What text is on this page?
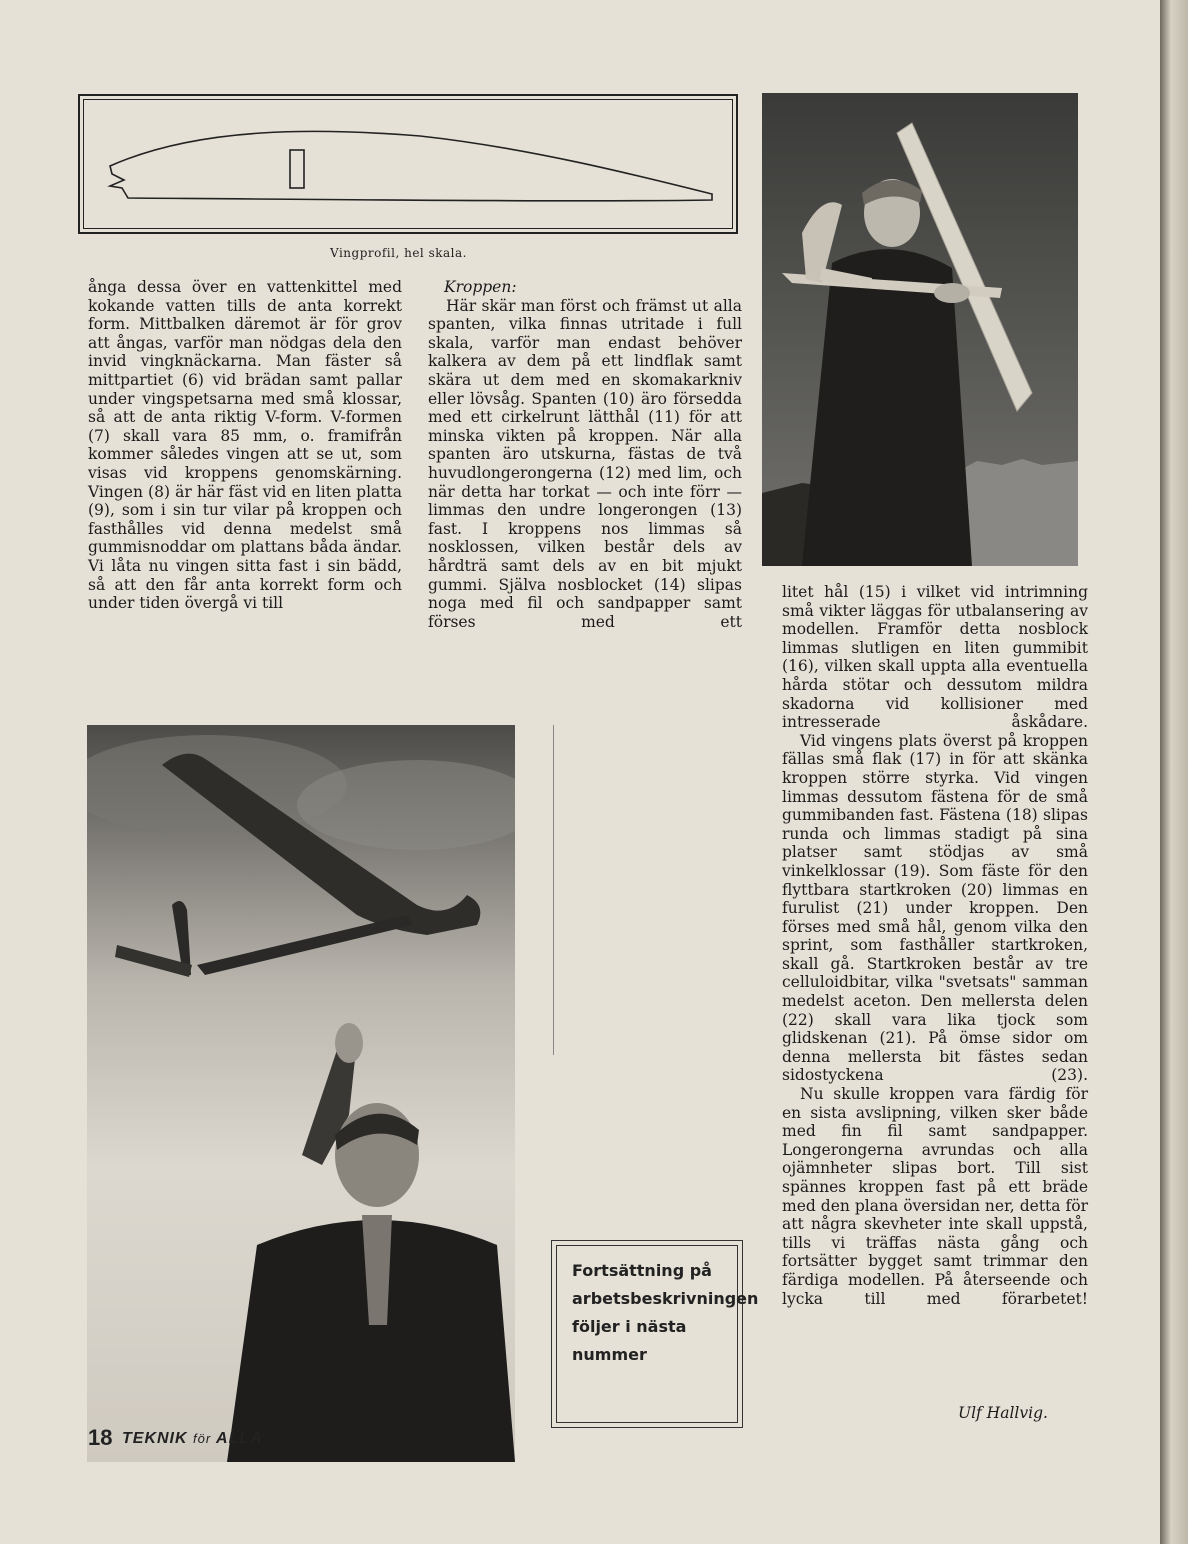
Vingprofil, hel skala.

ånga dessa över en vattenkittel med kokande vatten tills de anta korrekt form. Mittbalken däremot är för grov att ångas, varför man nödgas dela den invid vingknäckarna. Man fäster så mittpartiet (6) vid brädan samt pallar under vingspetsarna med små klossar, så att de anta riktig V-form. V-formen (7) skall vara 85 mm, o. framifrån kommer således vingen att se ut, som visas vid kroppens genomskärning. Vingen (8) är här fäst vid en liten platta (9), som i sin tur vilar på kroppen och fasthålles vid denna medelst små gummisnoddar om plattans båda ändar. Vi låta nu vingen sitta fast i sin bädd, så att den får anta korrekt form och under tiden övergå vi till

Kroppen:

Här skär man först och främst ut alla spanten, vilka finnas utritade i full skala, varför man endast behöver kalkera av dem på ett lindflak samt skära ut dem med en skomakarkniv eller lövsåg. Spanten (10) äro försedda med ett cirkelrunt lätthål (11) för att minska vikten på kroppen. När alla spanten äro utskurna, fästas de två huvudlongerongerna (12) med lim, och när detta har torkat — och inte förr — limmas den undre longerongen (13) fast. I kroppens nos limmas så nosklossen, vilken består dels av hårdträ samt dels av en bit mjukt gummi. Själva nosblocket (14) slipas noga med fil och sandpapper samt förses med ett

litet hål (15) i vilket vid intrimning små vikter läggas för utbalansering av modellen. Framför detta nosblock limmas slutligen en liten gummibit (16), vilken skall uppta alla eventuella hårda stötar och dessutom mildra skadorna vid kollisioner med intresserade åskådare.

Vid vingens plats överst på kroppen fällas små flak (17) in för att skänka kroppen större styrka. Vid vingen limmas dessutom fästena för de små gummibanden fast. Fästena (18) slipas runda och limmas stadigt på sina platser samt stödjas av små vinkelklossar (19). Som fäste för den flyttbara startkroken (20) limmas en furulist (21) under kroppen. Den förses med små hål, genom vilka den sprint, som fasthåller startkroken, skall gå. Startkroken består av tre celluloidbitar, vilka "svetsats" samman medelst aceton. Den mellersta delen (22) skall vara lika tjock som glidskenan (21). På ömse sidor om denna mellersta bit fästes sedan sidostyckena (23).

Nu skulle kroppen vara färdig för en sista avslipning, vilken sker både med fin fil samt sandpapper. Longerongerna avrundas och alla ojämnheter slipas bort. Till sist spännes kroppen fast på ett bräde med den plana översidan ner, detta för att några skevheter inte skall uppstå, tills vi träffas nästa gång och fortsätter bygget samt trimmar den färdiga modellen. På återseende och lycka till med förarbetet!

Ulf Hallvig.
Fortsättning på arbetsbeskrivningen följer i nästa nummer
18 TEKNIK för ALLA
